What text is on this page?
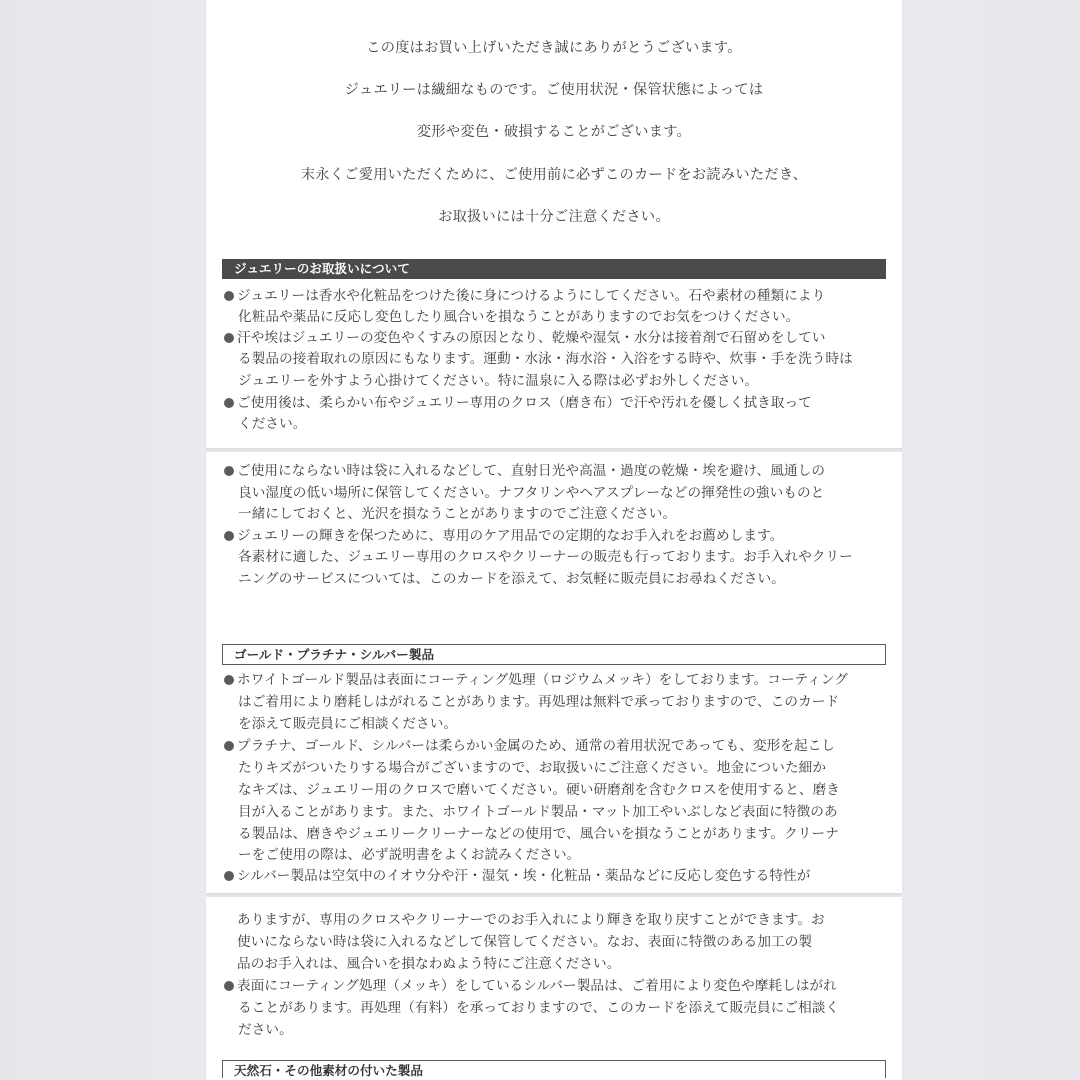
この度はお買い上げいただき誠にありがとうございます。
ジュエリーは繊細なものです。ご使用状況・保管状態によっては
変形や変色・破損することがございます。
末永くご愛用いただくために、ご使用前に必ずこのカードをお読みいただき、
お取扱いには十分ご注意ください。
ジュエリーのお取扱いについて
ジュエリーは香水や化粧品をつけた後に身につけるようにしてください。石や素材の種類により
化粧品や薬品に反応し変色したり風合いを損なうことがありますのでお気をつけください。
汗や埃はジュエリーの変色やくすみの原因となり、乾燥や湿気・水分は接着剤で石留めをしてい
る製品の接着取れの原因にもなります。運動・水泳・海水浴・入浴をする時や、炊事・手を洗う時は
ジュエリーを外すよう心掛けてください。特に温泉に入る際は必ずお外しください。
ご使用後は、柔らかい布やジュエリー専用のクロス（磨き布）で汗や汚れを優しく拭き取って
ください。
ご使用にならない時は袋に入れるなどして、直射日光や高温・過度の乾燥・埃を避け、風通しの
良い湿度の低い場所に保管してください。ナフタリンやヘアスプレーなどの揮発性の強いものと
一緒にしておくと、光沢を損なうことがありますのでご注意ください。
ジュエリーの輝きを保つために、専用のケア用品での定期的なお手入れをお薦めします。
各素材に適した、ジュエリー専用のクロスやクリーナーの販売も行っております。お手入れやクリー
ニングのサービスについては、このカードを添えて、お気軽に販売員にお尋ねください。
ゴールド・プラチナ・シルバー製品
ホワイトゴールド製品は表面にコーティング処理（ロジウムメッキ）をしております。コーティング
はご着用により磨耗しはがれることがあります。再処理は無料で承っておりますので、このカード
を添えて販売員にご相談ください。
プラチナ、ゴールド、シルバーは柔らかい金属のため、通常の着用状況であっても、変形を起こし
たりキズがついたりする場合がございますので、お取扱いにご注意ください。地金についた細か
なキズは、ジュエリー用のクロスで磨いてください。硬い研磨剤を含むクロスを使用すると、磨き
目が入ることがあります。また、ホワイトゴールド製品・マット加工やいぶしなど表面に特徴のあ
る製品は、磨きやジュエリークリーナーなどの使用で、風合いを損なうことがあります。クリーナ
ーをご使用の際は、必ず説明書をよくお読みください。
シルバー製品は空気中のイオウ分や汗・湿気・埃・化粧品・薬品などに反応し変色する特性が
ありますが、専用のクロスやクリーナーでのお手入れにより輝きを取り戻すことができます。お
使いにならない時は袋に入れるなどして保管してください。なお、表面に特徴のある加工の製
品のお手入れは、風合いを損なわぬよう特にご注意ください。
表面にコーティング処理（メッキ）をしているシルバー製品は、ご着用により変色や摩耗しはがれ
ることがあります。再処理（有料）を承っておりますので、このカードを添えて販売員にご相談く
ださい。
天然石・その他素材の付いた製品
